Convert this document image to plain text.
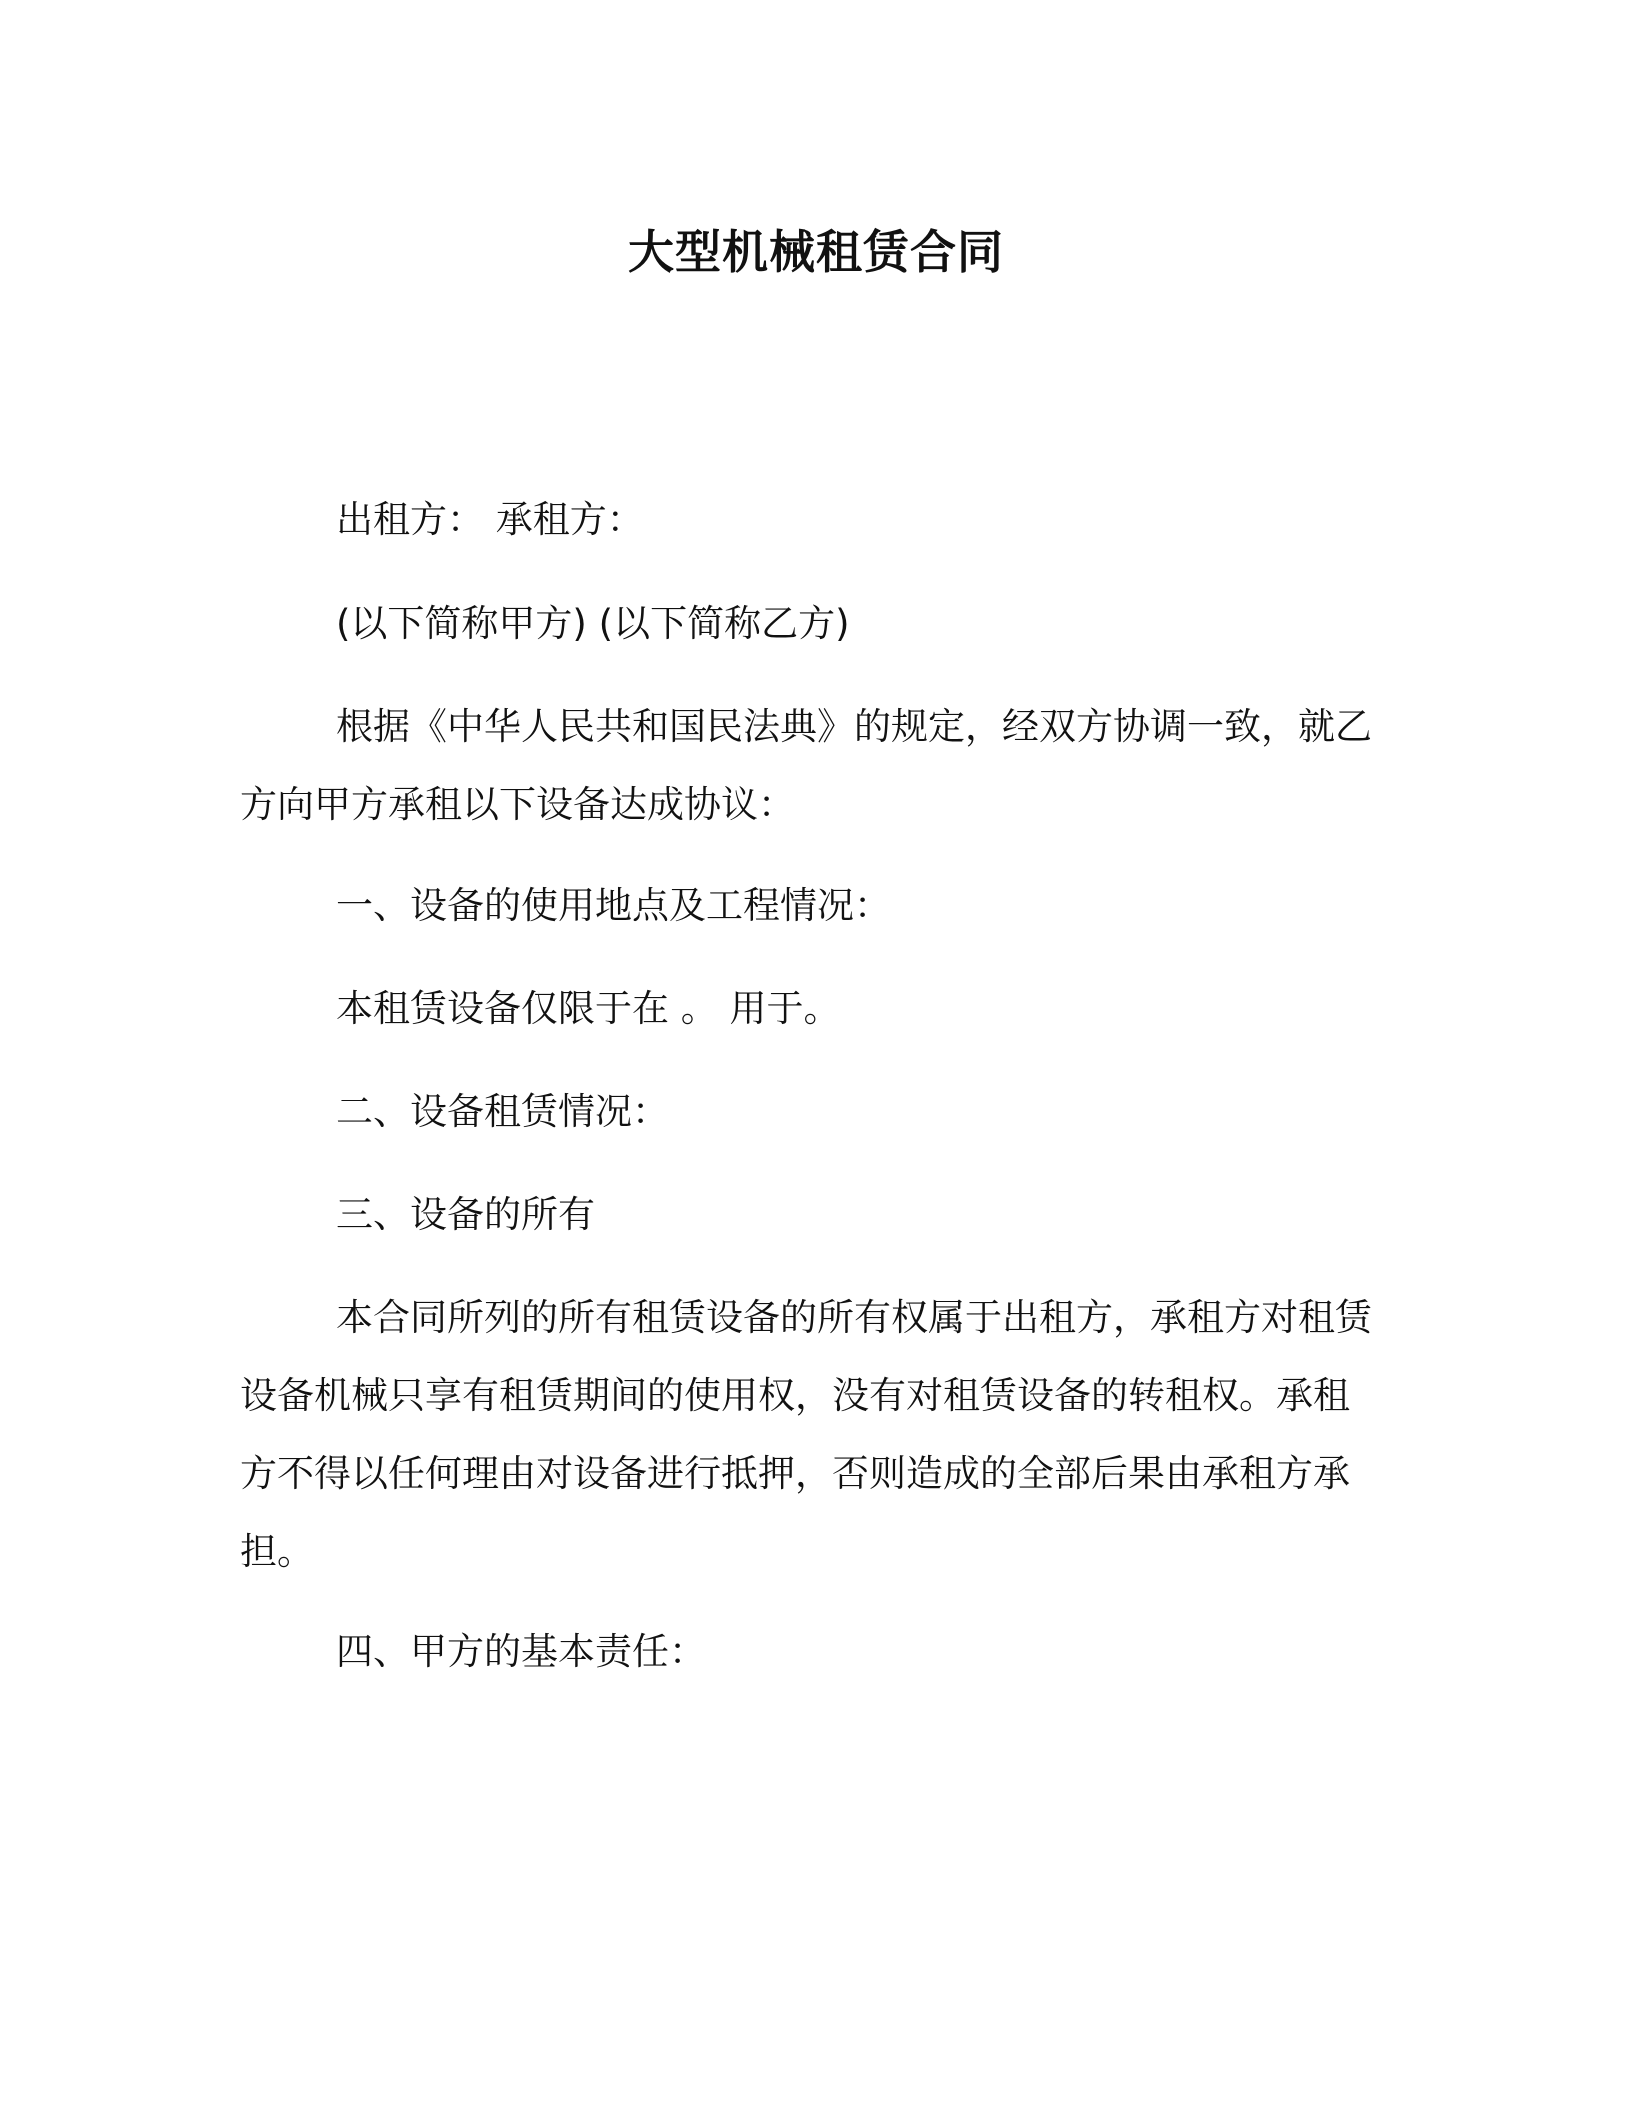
大型机械租赁合同

出租方： 承租方：

(以下简称甲方) (以下简称乙方)

根据《中华人民共和国民法典》的规定，经双方协调一致，就乙方向甲方承租以下设备达成协议：

一、设备的使用地点及工程情况：

本租赁设备仅限于在 。 用于。

二、设备租赁情况：

三、设备的所有

本合同所列的所有租赁设备的所有权属于出租方，承租方对租赁设备机械只享有租赁期间的使用权，没有对租赁设备的转租权。承租方不得以任何理由对设备进行抵押，否则造成的全部后果由承租方承担。

四、甲方的基本责任：
